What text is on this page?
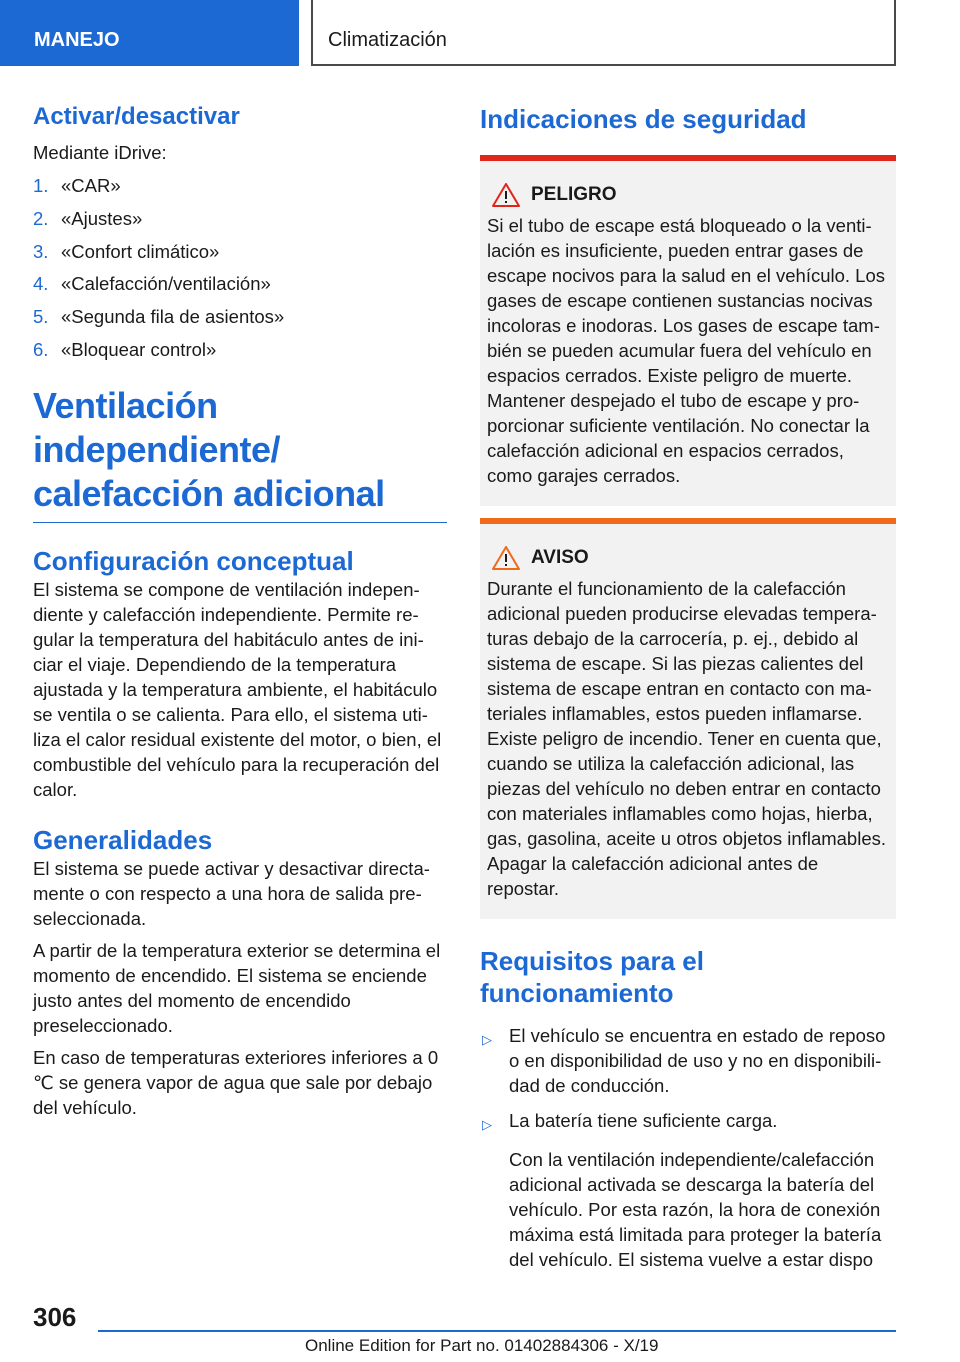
MANEJO	Climatización
Activar/desactivar

Mediante iDrive:

1. «CAR»
2. «Ajustes»
3. «Confort climático»
4. «Calefacción/ventilación»
5. «Segunda fila de asientos»
6. «Bloquear control»
Ventilación independiente/
calefacción adicional
Configuración conceptual

El sistema se compone de ventilación independiente y calefacción independiente. Permite regular la temperatura del habitáculo antes de iniciar el viaje. Dependiendo de la temperatura ajustada y la temperatura ambiente, el habitáculo se ventila o se calienta. Para ello, el sistema utiliza el calor residual existente del motor, o bien, el combustible del vehículo para la recuperación del calor.

Generalidades

El sistema se puede activar y desactivar directamente o con respecto a una hora de salida preseleccionada.

A partir de la temperatura exterior se determina el momento de encendido. El sistema se enciende justo antes del momento de encendido preseleccionado.

En caso de temperaturas exteriores inferiores a 0 ℃ se genera vapor de agua que sale por debajo del vehículo.

Indicaciones de seguridad
PELIGRO

Si el tubo de escape está bloqueado o la ventilación es insuficiente, pueden entrar gases de escape nocivos para la salud en el vehículo. Los gases de escape contienen sustancias nocivas incoloras e inodoras. Los gases de escape también se pueden acumular fuera del vehículo en espacios cerrados. Existe peligro de muerte. Mantener despejado el tubo de escape y proporcionar suficiente ventilación. No conectar la calefacción adicional en espacios cerrados, como garajes cerrados.

AVISO

Durante el funcionamiento de la calefacción adicional pueden producirse elevadas temperaturas debajo de la carrocería, p. ej., debido al sistema de escape. Si las piezas calientes del sistema de escape entran en contacto con materiales inflamables, estos pueden inflamarse. Existe peligro de incendio. Tener en cuenta que, cuando se utiliza la calefacción adicional, las piezas del vehículo no deben entrar en contacto con materiales inflamables como hojas, hierba, gas, gasolina, aceite u otros objetos inflamables. Apagar la calefacción adicional antes de repostar.

Requisitos para el
funcionamiento
▷ El vehículo se encuentra en estado de reposo o en disponibilidad de uso y no en disponibilidad de conducción.
▷ La batería tiene suficiente carga.
Con la ventilación independiente/calefacción adicional activada se descarga la batería del vehículo. Por esta razón, la hora de conexión máxima está limitada para proteger la batería del vehículo. El sistema vuelve a estar dispo
306
Online Edition for Part no. 01402884306 - X/19
